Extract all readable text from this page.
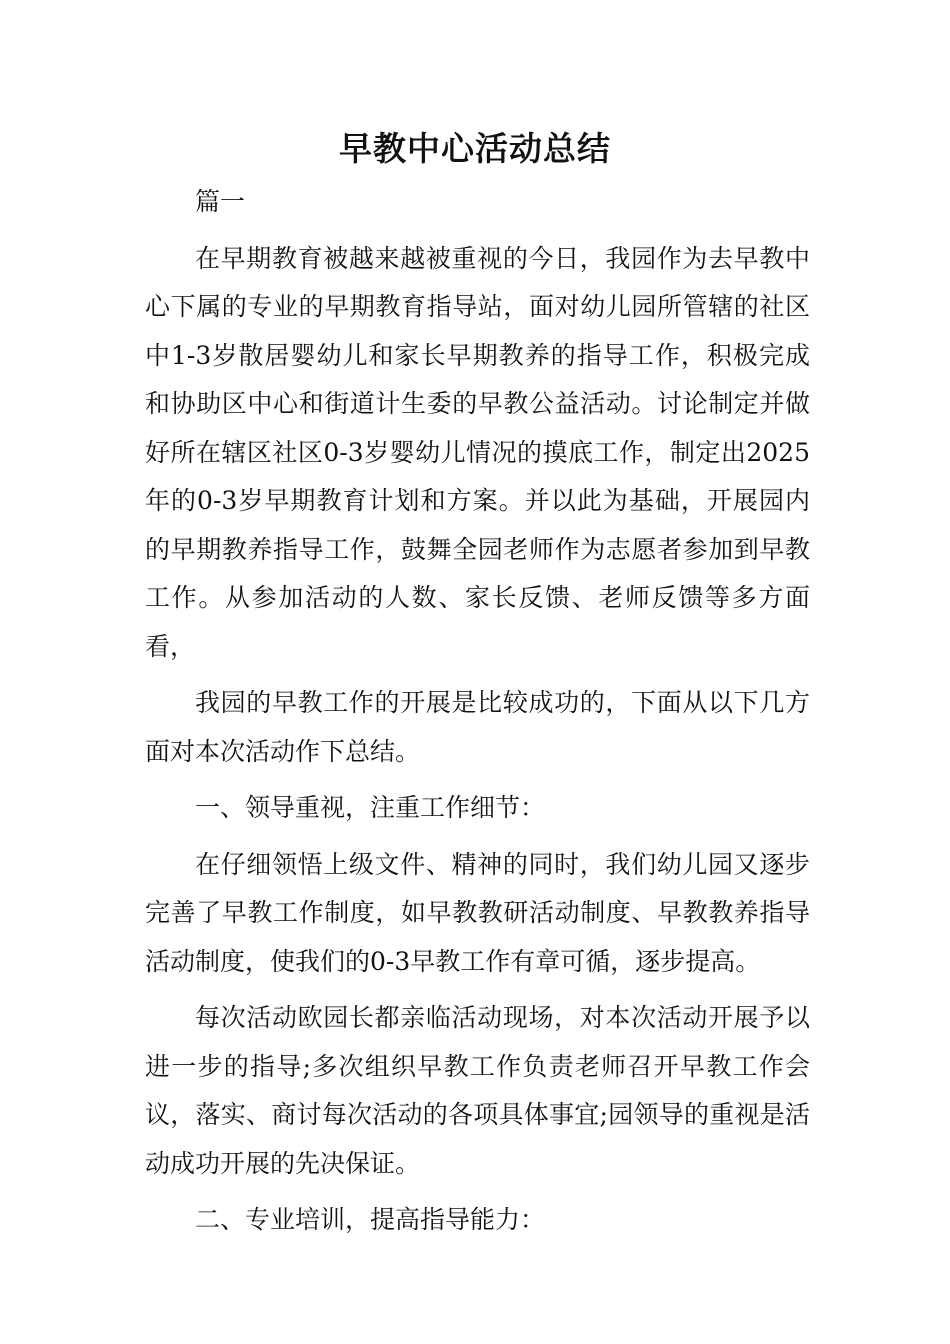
早教中心活动总结

篇一

在早期教育被越来越被重视的今日，我园作为去早教中心下属的专业的早期教育指导站，面对幼儿园所管辖的社区中1-3岁散居婴幼儿和家长早期教养的指导工作，积极完成和协助区中心和街道计生委的早教公益活动。讨论制定并做好所在辖区社区0-3岁婴幼儿情况的摸底工作，制定出2025年的0-3岁早期教育计划和方案。并以此为基础，开展园内的早期教养指导工作，鼓舞全园老师作为志愿者参加到早教工作。从参加活动的人数、家长反馈、老师反馈等多方面看，

我园的早教工作的开展是比较成功的，下面从以下几方面对本次活动作下总结。

一、领导重视，注重工作细节：

在仔细领悟上级文件、精神的同时，我们幼儿园又逐步完善了早教工作制度，如早教教研活动制度、早教教养指导活动制度，使我们的0-3早教工作有章可循，逐步提高。

每次活动欧园长都亲临活动现场，对本次活动开展予以进一步的指导;多次组织早教工作负责老师召开早教工作会议，落实、商讨每次活动的各项具体事宜;园领导的重视是活动成功开展的先决保证。

二、专业培训，提高指导能力：
